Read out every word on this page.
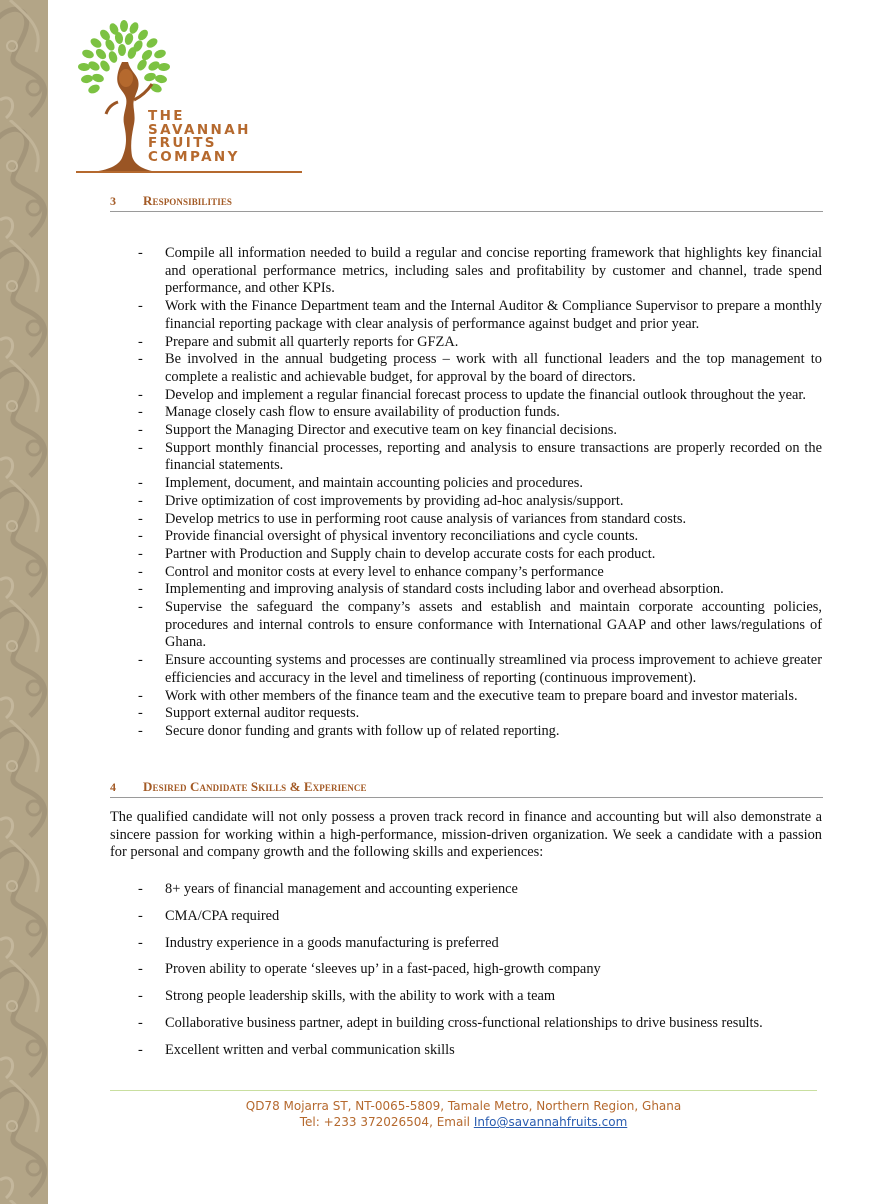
THE
SAVANNAH
FRUITS
COMPANY
3 Responsibilities
- Compile all information needed to build a regular and concise reporting framework that highlights key financial and operational performance metrics, including sales and profitability by customer and channel, trade spend performance, and other KPIs.
- Work with the Finance Department team and the Internal Auditor & Compliance Supervisor to prepare a monthly financial reporting package with clear analysis of performance against budget and prior year.
- Prepare and submit all quarterly reports for GFZA.
- Be involved in the annual budgeting process – work with all functional leaders and the top management to complete a realistic and achievable budget, for approval by the board of directors.
- Develop and implement a regular financial forecast process to update the financial outlook throughout the year.
- Manage closely cash flow to ensure availability of production funds.
- Support the Managing Director and executive team on key financial decisions.
- Support monthly financial processes, reporting and analysis to ensure transactions are properly recorded on the financial statements.
- Implement, document, and maintain accounting policies and procedures.
- Drive optimization of cost improvements by providing ad-hoc analysis/support.
- Develop metrics to use in performing root cause analysis of variances from standard costs.
- Provide financial oversight of physical inventory reconciliations and cycle counts.
- Partner with Production and Supply chain to develop accurate costs for each product.
- Control and monitor costs at every level to enhance company’s performance
- Implementing and improving analysis of standard costs including labor and overhead absorption.
- Supervise the safeguard the company’s assets and establish and maintain corporate accounting policies, procedures and internal controls to ensure conformance with International GAAP and other laws/regulations of Ghana.
- Ensure accounting systems and processes are continually streamlined via process improvement to achieve greater efficiencies and accuracy in the level and timeliness of reporting (continuous improvement).
- Work with other members of the finance team and the executive team to prepare board and investor materials.
- Support external auditor requests.
- Secure donor funding and grants with follow up of related reporting.
4 Desired Candidate Skills & Experience

The qualified candidate will not only possess a proven track record in finance and accounting but will also demonstrate a sincere passion for working within a high-performance, mission-driven organization. We seek a candidate with a passion for personal and company growth and the following skills and experiences:

- 8+ years of financial management and accounting experience
- CMA/CPA required
- Industry experience in a goods manufacturing is preferred
- Proven ability to operate ‘sleeves up’ in a fast-paced, high-growth company
- Strong people leadership skills, with the ability to work with a team
- Collaborative business partner, adept in building cross-functional relationships to drive business results.
- Excellent written and verbal communication skills
QD78 Mojarra ST, NT-0065-5809, Tamale Metro, Northern Region, Ghana
Tel: +233 372026504, Email Info@savannahfruits.com
